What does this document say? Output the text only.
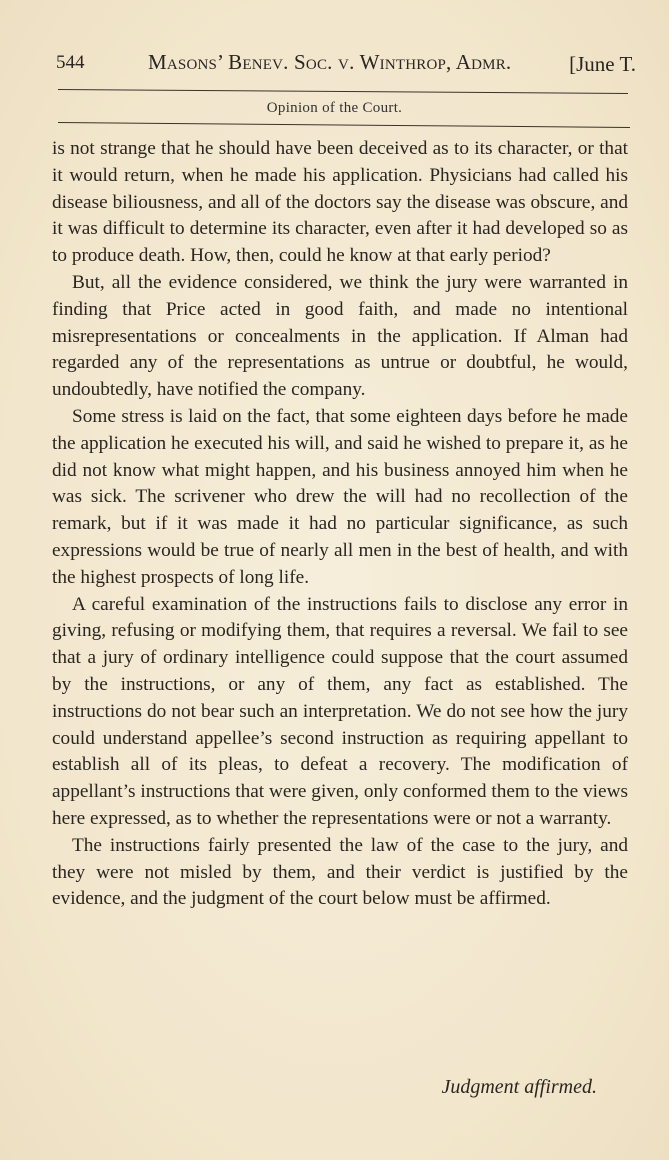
544	Masons’ Benev. Soc. v. Winthrop, Admr.	[June T.
Opinion of the Court.

is not strange that he should have been deceived as to its character, or that it would return, when he made his application. Physicians had called his disease biliousness, and all of the doctors say the disease was obscure, and it was difficult to determine its character, even after it had developed so as to produce death. How, then, could he know at that early period?

But, all the evidence considered, we think the jury were warranted in finding that Price acted in good faith, and made no intentional misrepresentations or concealments in the application. If Alman had regarded any of the representations as untrue or doubtful, he would, undoubtedly, have notified the company.

Some stress is laid on the fact, that some eighteen days before he made the application he executed his will, and said he wished to prepare it, as he did not know what might happen, and his business annoyed him when he was sick. The scrivener who drew the will had no recollection of the remark, but if it was made it had no particular significance, as such expressions would be true of nearly all men in the best of health, and with the highest prospects of long life.

A careful examination of the instructions fails to disclose any error in giving, refusing or modifying them, that requires a reversal. We fail to see that a jury of ordinary intelligence could suppose that the court assumed by the instructions, or any of them, any fact as established. The instructions do not bear such an interpretation. We do not see how the jury could understand appellee’s second instruction as requiring appellant to establish all of its pleas, to defeat a recovery. The modification of appellant’s instructions that were given, only conformed them to the views here expressed, as to whether the representations were or not a warranty.

The instructions fairly presented the law of the case to the jury, and they were not misled by them, and their verdict is justified by the evidence, and the judgment of the court below must be affirmed.

Judgment affirmed.
